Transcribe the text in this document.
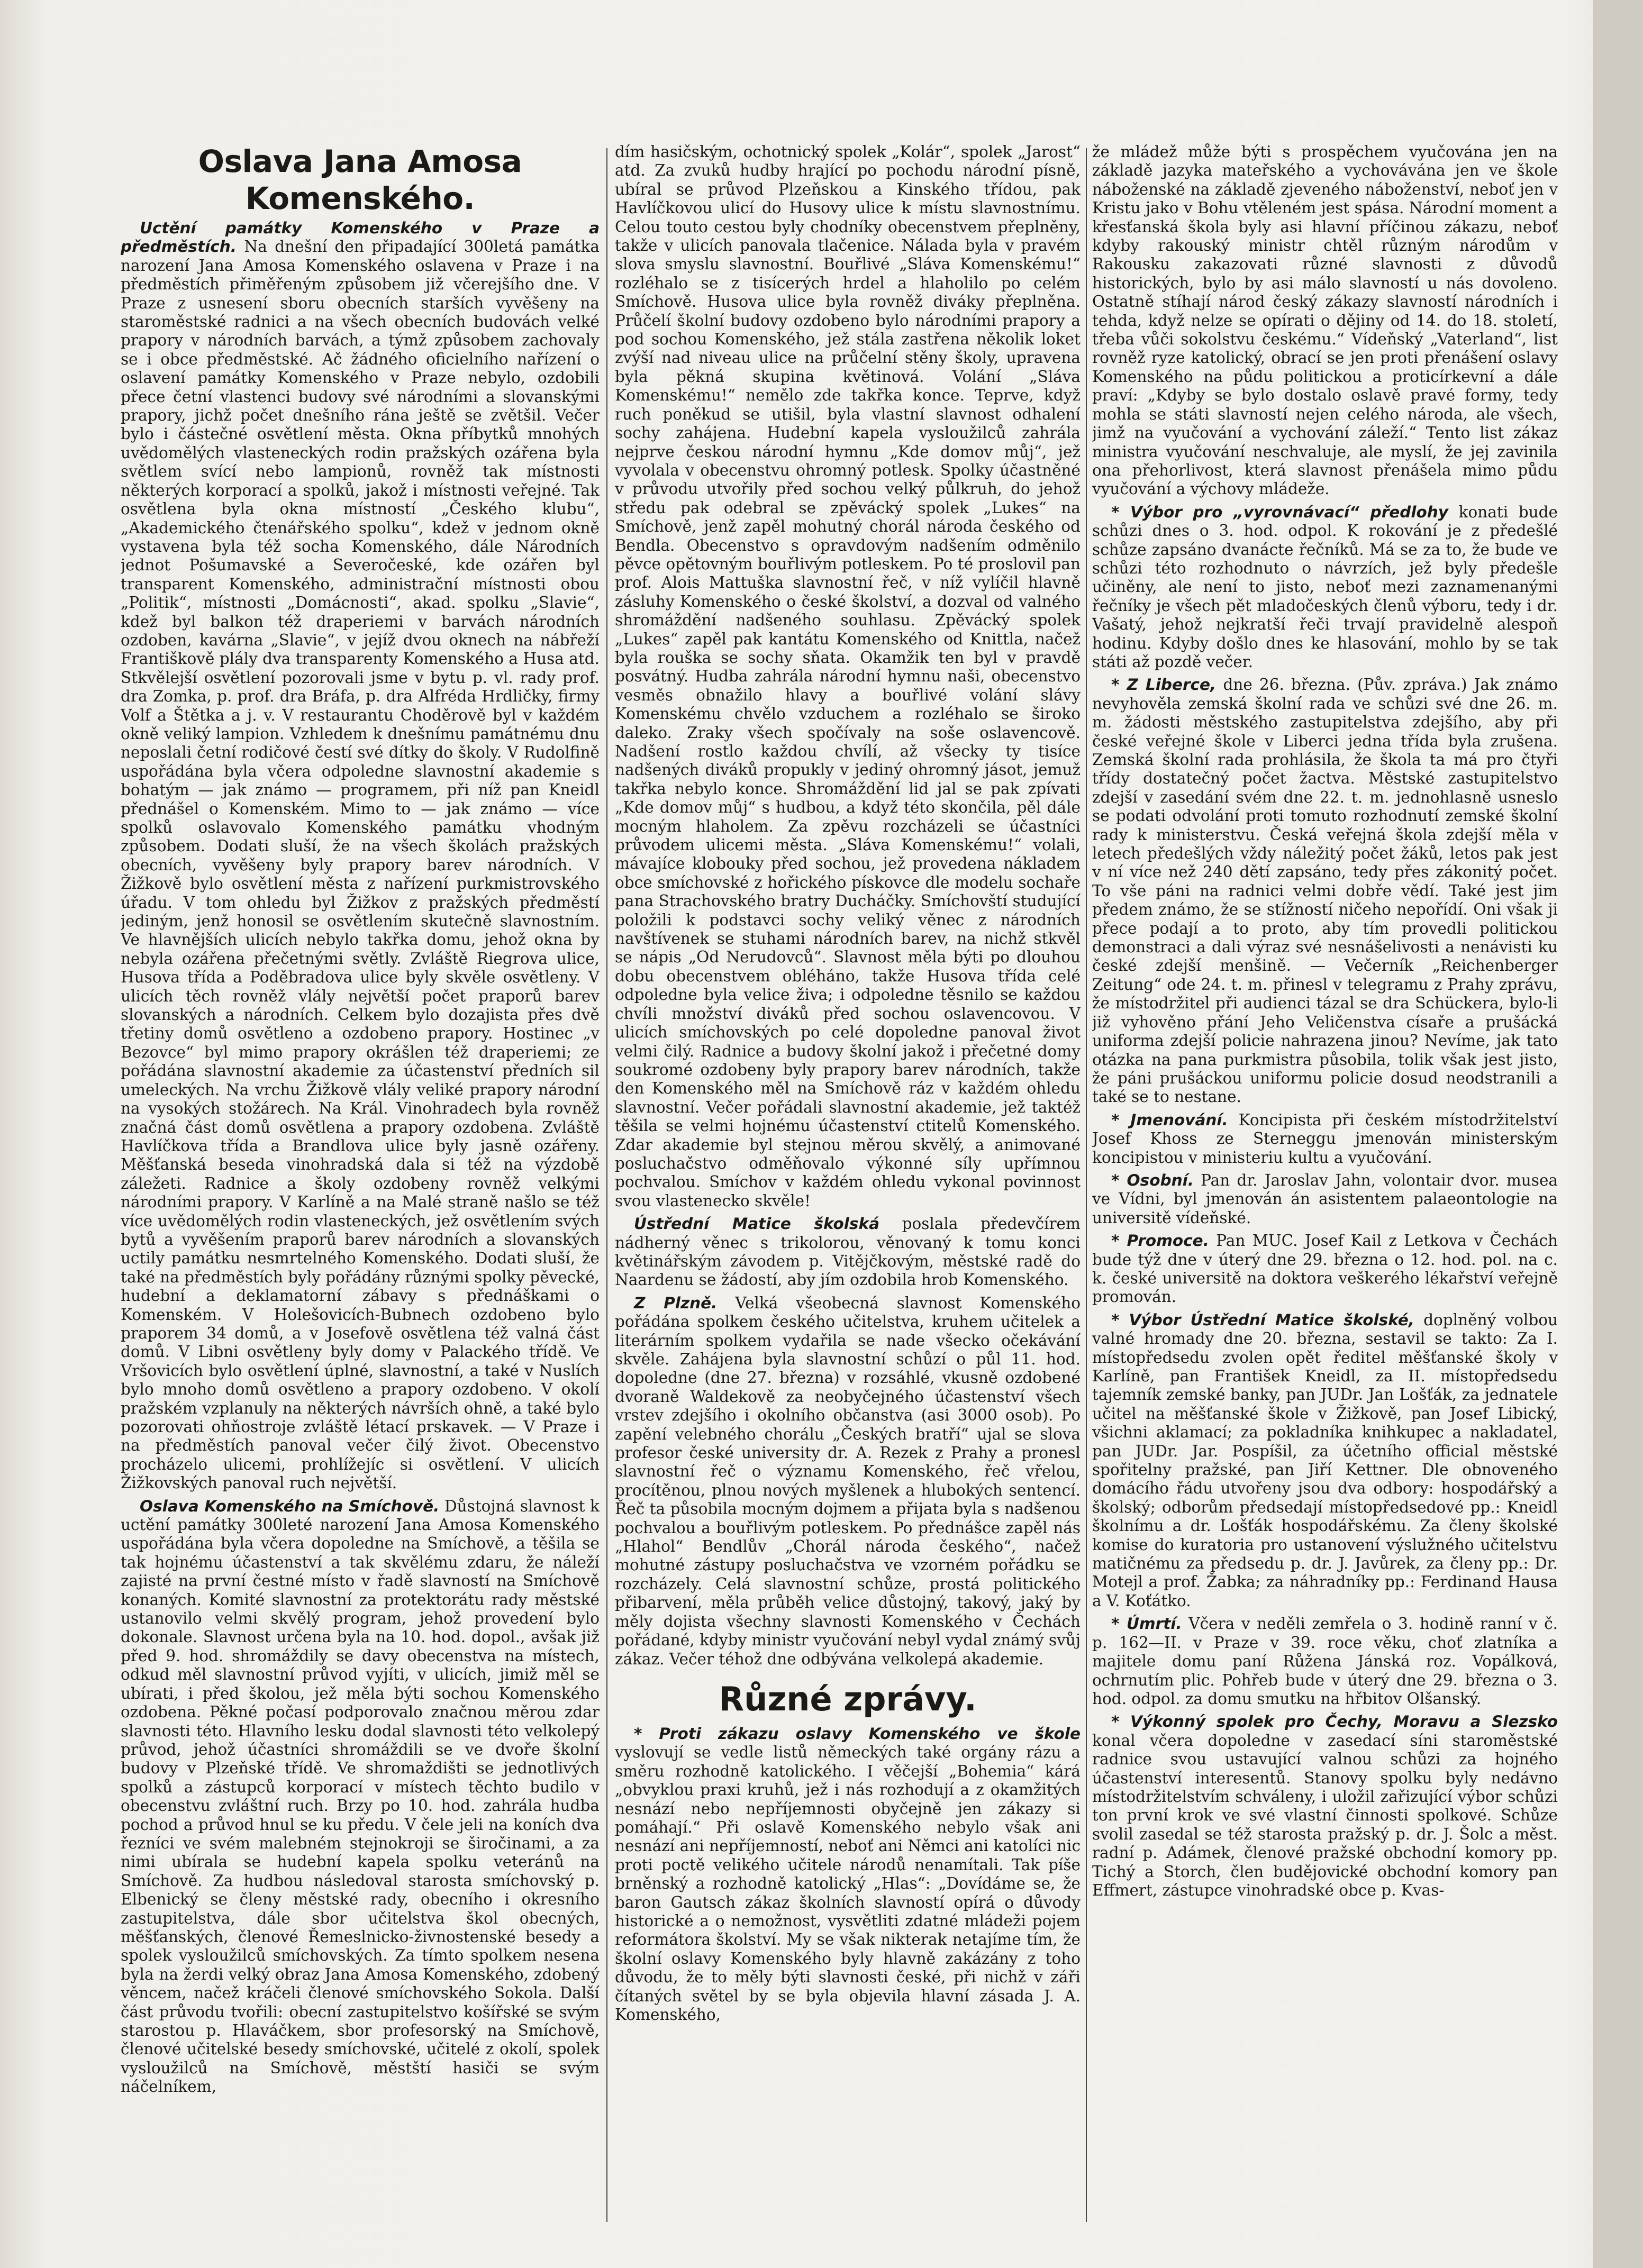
Oslava Jana Amosa Komenského.

Uctění památky Komenského v Praze a předměstích. Na dnešní den připadající 300letá památka narození Jana Amosa Komenského oslavena v Praze i na předměstích přiměřeným způsobem již včerejšího dne. V Praze z usnesení sboru obecních starších vyvěšeny na staroměstské radnici a na všech obecních budovách velké prapory v národních barvách, a týmž způsobem zachovaly se i obce předměstské. Ač žádného oficielního nařízení o oslavení památky Komenského v Praze nebylo, ozdobili přece četní vlastenci budovy své národními a slovanskými prapory, jichž počet dnešního rána ještě se zvětšil. Večer bylo i částečné osvětlení města. Okna příbytků mnohých uvědomělých vlasteneckých rodin pražských ozářena byla světlem svící nebo lampionů, rovněž tak místnosti některých korporací a spolků, jakož i místnosti veřejné. Tak osvětlena byla okna místností „Českého klubu“, „Akademického čtenářského spolku“, kdež v jednom okně vystavena byla též socha Komenského, dále Národních jednot Pošumavské a Severočeské, kde ozářen byl transparent Komenského, administrační místnosti obou „Politik“, místnosti „Domácnosti“, akad. spolku „Slavie“, kdež byl balkon též draperiemi v barvách národních ozdoben, kavárna „Slavie“, v jejíž dvou oknech na nábřeží Františkově plály dva transparenty Komenského a Husa atd. Stkvělejší osvětlení pozorovali jsme v bytu p. vl. rady prof. dra Zomka, p. prof. dra Bráfa, p. dra Alfréda Hrdličky, firmy Volf a Štětka a j. v. V restaurantu Choděrově byl v každém okně veliký lampion. Vzhledem k dnešnímu památnému dnu neposlali četní rodičové čestí své dítky do školy. V Rudolfině uspořádána byla včera odpoledne slavnostní akademie s bohatým — jak známo — programem, při níž pan Kneidl přednášel o Komenském. Mimo to — jak známo — více spolků oslavovalo Komenského památku vhodným způsobem. Dodati sluší, že na všech školách pražských obecních, vyvěšeny byly prapory barev národních. V Žižkově bylo osvětlení města z nařízení purkmistrovského úřadu. V tom ohledu byl Žižkov z pražských předměstí jediným, jenž honosil se osvětlením skutečně slavnostním. Ve hlavnějších ulicích nebylo takřka domu, jehož okna by nebyla ozářena přečetnými světly. Zvláště Riegrova ulice, Husova třída a Poděbradova ulice byly skvěle osvětleny. V ulicích těch rovněž vlály největší počet praporů barev slovanských a národních. Celkem bylo dozajista přes dvě třetiny domů osvětleno a ozdobeno prapory. Hostinec „v Bezovce“ byl mimo prapory okrášlen též draperiemi; ze pořádána slavnostní akademie za účastenství předních sil umeleckých. Na vrchu Žižkově vlály veliké prapory národní na vysokých stožárech. Na Král. Vinohradech byla rovněž značná část domů osvětlena a prapory ozdobena. Zvláště Havlíčkova třída a Brandlova ulice byly jasně ozářeny. Měšťanská beseda vinohradská dala si též na výzdobě záležeti. Radnice a školy ozdobeny rovněž velkými národními prapory. V Karlíně a na Malé straně našlo se též více uvědomělých rodin vlasteneckých, jež osvětlením svých bytů a vyvěšením praporů barev národních a slovanských uctily památku nesmrtelného Komenského. Dodati sluší, že také na předměstích byly pořádány různými spolky pěvecké, hudební a deklamatorní zábavy s přednáškami o Komenském. V Holešovicích-Bubnech ozdobeno bylo praporem 34 domů, a v Josefově osvětlena též valná část domů. V Libni osvětleny byly domy v Palackého třídě. Ve Vršovicích bylo osvětlení úplné, slavnostní, a také v Nuslích bylo mnoho domů osvětleno a prapory ozdobeno. V okolí pražském vzplanuly na některých návrších ohně, a také bylo pozorovati ohňostroje zvláště létací prskavek. — V Praze i na předměstích panoval večer čilý život. Obecenstvo procházelo ulicemi, prohlížejíc si osvětlení. V ulicích Žižkovských panoval ruch největší.

Oslava Komenského na Smíchově. Důstojná slavnost k uctění památky 300leté narození Jana Amosa Komenského uspořádána byla včera dopoledne na Smíchově, a těšila se tak hojnému účastenství a tak skvělému zdaru, že náleží zajisté na první čestné místo v řadě slavností na Smíchově konaných. Komité slavnostní za protektorátu rady městské ustanovilo velmi skvělý program, jehož provedení bylo dokonale. Slavnost určena byla na 10. hod. dopol., avšak již před 9. hod. shromáždily se davy obecenstva na místech, odkud měl slavnostní průvod vyjíti, v ulicích, jimiž měl se ubírati, i před školou, jež měla býti sochou Komenského ozdobena. Pěkné počasí podporovalo značnou měrou zdar slavnosti této. Hlavního lesku dodal slavnosti této velkolepý průvod, jehož účastníci shromáždili se ve dvoře školní budovy v Plzeňské třídě. Ve shromaždišti se jednotlivých spolků a zástupců korporací v místech těchto budilo v obecenstvu zvláštní ruch. Brzy po 10. hod. zahrála hudba pochod a průvod hnul se ku předu. V čele jeli na koních dva řezníci ve svém malebném stejnokroji se širočinami, a za nimi ubírala se hudební kapela spolku veteránů na Smíchově. Za hudbou následoval starosta smíchovský p. Elbenický se členy městské rady, obecního i okresního zastupitelstva, dále sbor učitelstva škol obecných, měšťanských, členové Řemeslnicko-živnostenské besedy a spolek vysloužilců smíchovských. Za tímto spolkem nesena byla na žerdi velký obraz Jana Amosa Komenského, zdobený věncem, načež kráčeli členové smíchovského Sokola. Další část průvodu tvořili: obecní zastupitelstvo košířské se svým starostou p. Hlaváčkem, sbor profesorský na Smíchově, členové učitelské besedy smíchovské, učitelé z okolí, spolek vysloužilců na Smíchově, městští hasiči se svým náčelníkem,

dím hasičským, ochotnický spolek „Kolár“, spolek „Jarost“ atd. Za zvuků hudby hrající po pochodu národní písně, ubíral se průvod Plzeňskou a Kinského třídou, pak Havlíčkovou ulicí do Husovy ulice k místu slavnostnímu. Celou touto cestou byly chodníky obecenstvem přeplněny, takže v ulicích panovala tlačenice. Nálada byla v pravém slova smyslu slavnostní. Bouřlivé „Sláva Komenskému!“ rozléhalo se z tisícerých hrdel a hlaholilo po celém Smíchově. Husova ulice byla rovněž diváky přeplněna. Průčelí školní budovy ozdobeno bylo národními prapory a pod sochou Komenského, jež stála zastřena několik loket zvýší nad niveau ulice na průčelní stěny školy, upravena byla pěkná skupina květinová. Volání „Sláva Komenskému!“ nemělo zde takřka konce. Teprve, když ruch poněkud se utišil, byla vlastní slavnost odhalení sochy zahájena. Hudební kapela vysloužilců zahrála nejprve českou národní hymnu „Kde domov můj“, jež vyvolala v obecenstvu ohromný potlesk. Spolky účastněné v průvodu utvořily před sochou velký půlkruh, do jehož středu pak odebral se zpěvácký spolek „Lukes“ na Smíchově, jenž zapěl mohutný chorál národa českého od Bendla. Obecenstvo s opravdovým nadšením odměnilo pěvce opětovným bouřlivým potleskem. Po té proslovil pan prof. Alois Mattuška slavnostní řeč, v níž vylíčil hlavně zásluhy Komenského o české školství, a dozval od valného shromáždění nadšeného souhlasu. Zpěvácký spolek „Lukes“ zapěl pak kantátu Komenského od Knittla, načež byla rouška se sochy sňata. Okamžik ten byl v pravdě posvátný. Hudba zahrála národní hymnu naši, obecenstvo vesměs obnažilo hlavy a bouřlivé volání slávy Komenskému chvělo vzduchem a rozléhalo se široko daleko. Zraky všech spočívaly na soše oslavencově. Nadšení rostlo každou chvílí, až všecky ty tisíce nadšených diváků propukly v jediný ohromný jásot, jemuž takřka nebylo konce. Shromáždění lid jal se pak zpívati „Kde domov můj“ s hudbou, a když této skončila, pěl dále mocným hlaholem. Za zpěvu rozcházeli se účastníci průvodem ulicemi města. „Sláva Komenskému!“ volali, mávajíce klobouky před sochou, jež provedena nákladem obce smíchovské z hořického pískovce dle modelu sochaře pana Strachovského bratry Ducháčky. Smíchovští studující položili k podstavci sochy veliký věnec z národních navštívenek se stuhami národních barev, na nichž stkvěl se nápis „Od Nerudovců“. Slavnost měla býti po dlouhou dobu obecenstvem obléháno, takže Husova třída celé odpoledne byla velice živa; i odpoledne těsnilo se každou chvíli množství diváků před sochou oslavencovou. V ulicích smíchovských po celé dopoledne panoval život velmi čilý. Radnice a budovy školní jakož i přečetné domy soukromé ozdobeny byly prapory barev národních, takže den Komenského měl na Smíchově ráz v každém ohledu slavnostní. Večer pořádali slavnostní akademie, jež taktéž těšila se velmi hojnému účastenství ctitelů Komenského. Zdar akademie byl stejnou měrou skvělý, a animované posluchačstvo odměňovalo výkonné síly upřímnou pochvalou. Smíchov v každém ohledu vykonal povinnost svou vlastenecko skvěle!

Ústřední Matice školská poslala předevčírem nádherný věnec s trikolorou, věnovaný k tomu konci květinářským závodem p. Vitějčkovým, městské radě do Naardenu se žádostí, aby jím ozdobila hrob Komenského.

Z Plzně. Velká všeobecná slavnost Komenského pořádána spolkem českého učitelstva, kruhem učitelek a literárním spolkem vydařila se nade všecko očekávání skvěle. Zahájena byla slavnostní schůzí o půl 11. hod. dopoledne (dne 27. března) v rozsáhlé, vkusně ozdobené dvoraně Waldekově za neobyčejného účastenství všech vrstev zdejšího i okolního občanstva (asi 3000 osob). Po zapění velebného chorálu „Českých bratří“ ujal se slova profesor české university dr. A. Rezek z Prahy a pronesl slavnostní řeč o významu Komenského, řeč vřelou, procítěnou, plnou nových myšlenek a hlubokých sentencí. Řeč ta působila mocným dojmem a přijata byla s nadšenou pochvalou a bouřlivým potleskem. Po přednášce zapěl nás „Hlahol“ Bendlův „Chorál národa českého“, načež mohutné zástupy posluchačstva ve vzorném pořádku se rozcházely. Celá slavnostní schůze, prostá politického přibarvení, měla průběh velice důstojný, takový, jaký by měly dojista všechny slavnosti Komenského v Čechách pořádané, kdyby ministr vyučování nebyl vydal známý svůj zákaz. Večer téhož dne odbývána velkolepá akademie.

Různé zprávy.

* Proti zákazu oslavy Komenského ve škole vyslovují se vedle listů německých také orgány rázu a směru rozhodně katolického. I věčejší „Bohemia“ kárá „obvyklou praxi kruhů, jež i nás rozhodují a z okamžitých nesnází nebo nepříjemnosti obyčejně jen zákazy si pomáhají.“ Při oslavě Komenského nebylo však ani nesnází ani nepříjemností, neboť ani Němci ani katolíci nic proti poctě velikého učitele národů nenamítali. Tak píše brněnský a rozhodně katolický „Hlas“: „Dovídáme se, že baron Gautsch zákaz školních slavností opírá o důvody historické a o nemožnost, vysvětliti zdatné mládeži pojem reformátora školství. My se však nikterak netajíme tím, že školní oslavy Komenského byly hlavně zakázány z toho důvodu, že to měly býti slavnosti české, při nichž v záři čítaných světel by se byla objevila hlavní zásada J. A. Komenského,

že mládež může býti s prospěchem vyučována jen na základě jazyka mateřského a vychovávána jen ve škole náboženské na základě zjeveného náboženství, neboť jen v Kristu jako v Bohu vtěleném jest spása. Národní moment a křesťanská škola byly asi hlavní příčinou zákazu, neboť kdyby rakouský ministr chtěl různým národům v Rakousku zakazovati různé slavnosti z důvodů historických, bylo by asi málo slavností u nás dovoleno. Ostatně stíhají národ český zákazy slavností národních i tehda, když nelze se opírati o dějiny od 14. do 18. století, třeba vůči sokolstvu českému.“ Vídeňský „Vaterland“, list rovněž ryze katolický, obrací se jen proti přenášení oslavy Komenského na půdu politickou a proticírkevní a dále praví: „Kdyby se bylo dostalo oslavě pravé formy, tedy mohla se státi slavností nejen celého národa, ale všech, jimž na vyučování a vychování záleží.“ Tento list zákaz ministra vyučování neschvaluje, ale myslí, že jej zavinila ona přehorlivost, která slavnost přenášela mimo půdu vyučování a výchovy mládeže.

* Výbor pro „vyrovnávací“ předlohy konati bude schůzi dnes o 3. hod. odpol. K rokování je z předešlé schůze zapsáno dvanácte řečníků. Má se za to, že bude ve schůzi této rozhodnuto o návrzích, jež byly předešle učiněny, ale není to jisto, neboť mezi zaznamenanými řečníky je všech pět mladočeských členů výboru, tedy i dr. Vašatý, jehož nejkratší řeči trvají pravidelně alespoň hodinu. Kdyby došlo dnes ke hlasování, mohlo by se tak státi až pozdě večer.

* Z Liberce, dne 26. března. (Pův. zpráva.) Jak známo nevyhověla zemská školní rada ve schůzi své dne 26. m. m. žádosti městského zastupitelstva zdejšího, aby při české veřejné škole v Liberci jedna třída byla zrušena. Zemská školní rada prohlásila, že škola ta má pro čtyři třídy dostatečný počet žactva. Městské zastupitelstvo zdejší v zasedání svém dne 22. t. m. jednohlasně usneslo se podati odvolání proti tomuto rozhodnutí zemské školní rady k ministerstvu. Česká veřejná škola zdejší měla v letech předešlých vždy náležitý počet žáků, letos pak jest v ní více než 240 dětí zapsáno, tedy přes zákonitý počet. To vše páni na radnici velmi dobře vědí. Také jest jim předem známo, že se stížností ničeho nepořídí. Oni však ji přece podají a to proto, aby tím provedli politickou demonstraci a dali výraz své nesnášelivosti a nenávisti ku české zdejší menšině. — Večerník „Reichenberger Zeitung“ ode 24. t. m. přinesl v telegramu z Prahy zprávu, že místodržitel při audienci tázal se dra Schückera, bylo-li již vyhověno přání Jeho Veličenstva císaře a prušácká uniforma zdejší policie nahrazena jinou? Nevíme, jak tato otázka na pana purkmistra působila, tolik však jest jisto, že páni prušáckou uniformu policie dosud neodstranili a také se to nestane.

* Jmenování. Koncipista při českém místodržitelství Josef Khoss ze Sterneggu jmenován ministerským koncipistou v ministeriu kultu a vyučování.

* Osobní. Pan dr. Jaroslav Jahn, volontair dvor. musea ve Vídni, byl jmenován án asistentem palaeontologie na universitě vídeňské.

* Promoce. Pan MUC. Josef Kail z Letkova v Čechách bude týž dne v úterý dne 29. března o 12. hod. pol. na c. k. české universitě na doktora veškerého lékařství veřejně promován.

* Výbor Ústřední Matice školské, doplněný volbou valné hromady dne 20. března, sestavil se takto: Za I. místopředsedu zvolen opět ředitel měšťanské školy v Karlíně, pan František Kneidl, za II. místopředsedu tajemník zemské banky, pan JUDr. Jan Lošťák, za jednatele učitel na měšťanské škole v Žižkově, pan Josef Libický, všichni aklamací; za pokladníka knihkupec a nakladatel, pan JUDr. Jar. Pospíšil, za účetního official městské spořitelny pražské, pan Jiří Kettner. Dle obnoveného domácího řádu utvořeny jsou dva odbory: hospodářský a školský; odborům předsedají místopředsedové pp.: Kneidl školnímu a dr. Lošťák hospodářskému. Za členy školské komise do kuratoria pro ustanovení výslužného učitelstvu matičnému za předsedu p. dr. J. Javůrek, za členy pp.: Dr. Motejl a prof. Žabka; za náhradníky pp.: Ferdinand Hausa a V. Koťátko.

* Úmrtí. Včera v neděli zemřela o 3. hodině ranní v č. p. 162—II. v Praze v 39. roce věku, choť zlatníka a majitele domu paní Růžena Jánská roz. Vopálková, ochrnutím plic. Pohřeb bude v úterý dne 29. března o 3. hod. odpol. za domu smutku na hřbitov Olšanský.

* Výkonný spolek pro Čechy, Moravu a Slezsko konal včera dopoledne v zasedací síni staroměstské radnice svou ustavující valnou schůzi za hojného účastenství interesentů. Stanovy spolku byly nedávno místodržitelstvím schváleny, i uložil zařizující výbor schůzi ton první krok ve své vlastní činnosti spolkové. Schůze svolil zasedal se též starosta pražský p. dr. J. Šolc a měst. radní p. Adámek, členové pražské obchodní komory pp. Tichý a Storch, člen budějovické obchodní komory pan Effmert, zástupce vinohradské obce p. Kvas-
